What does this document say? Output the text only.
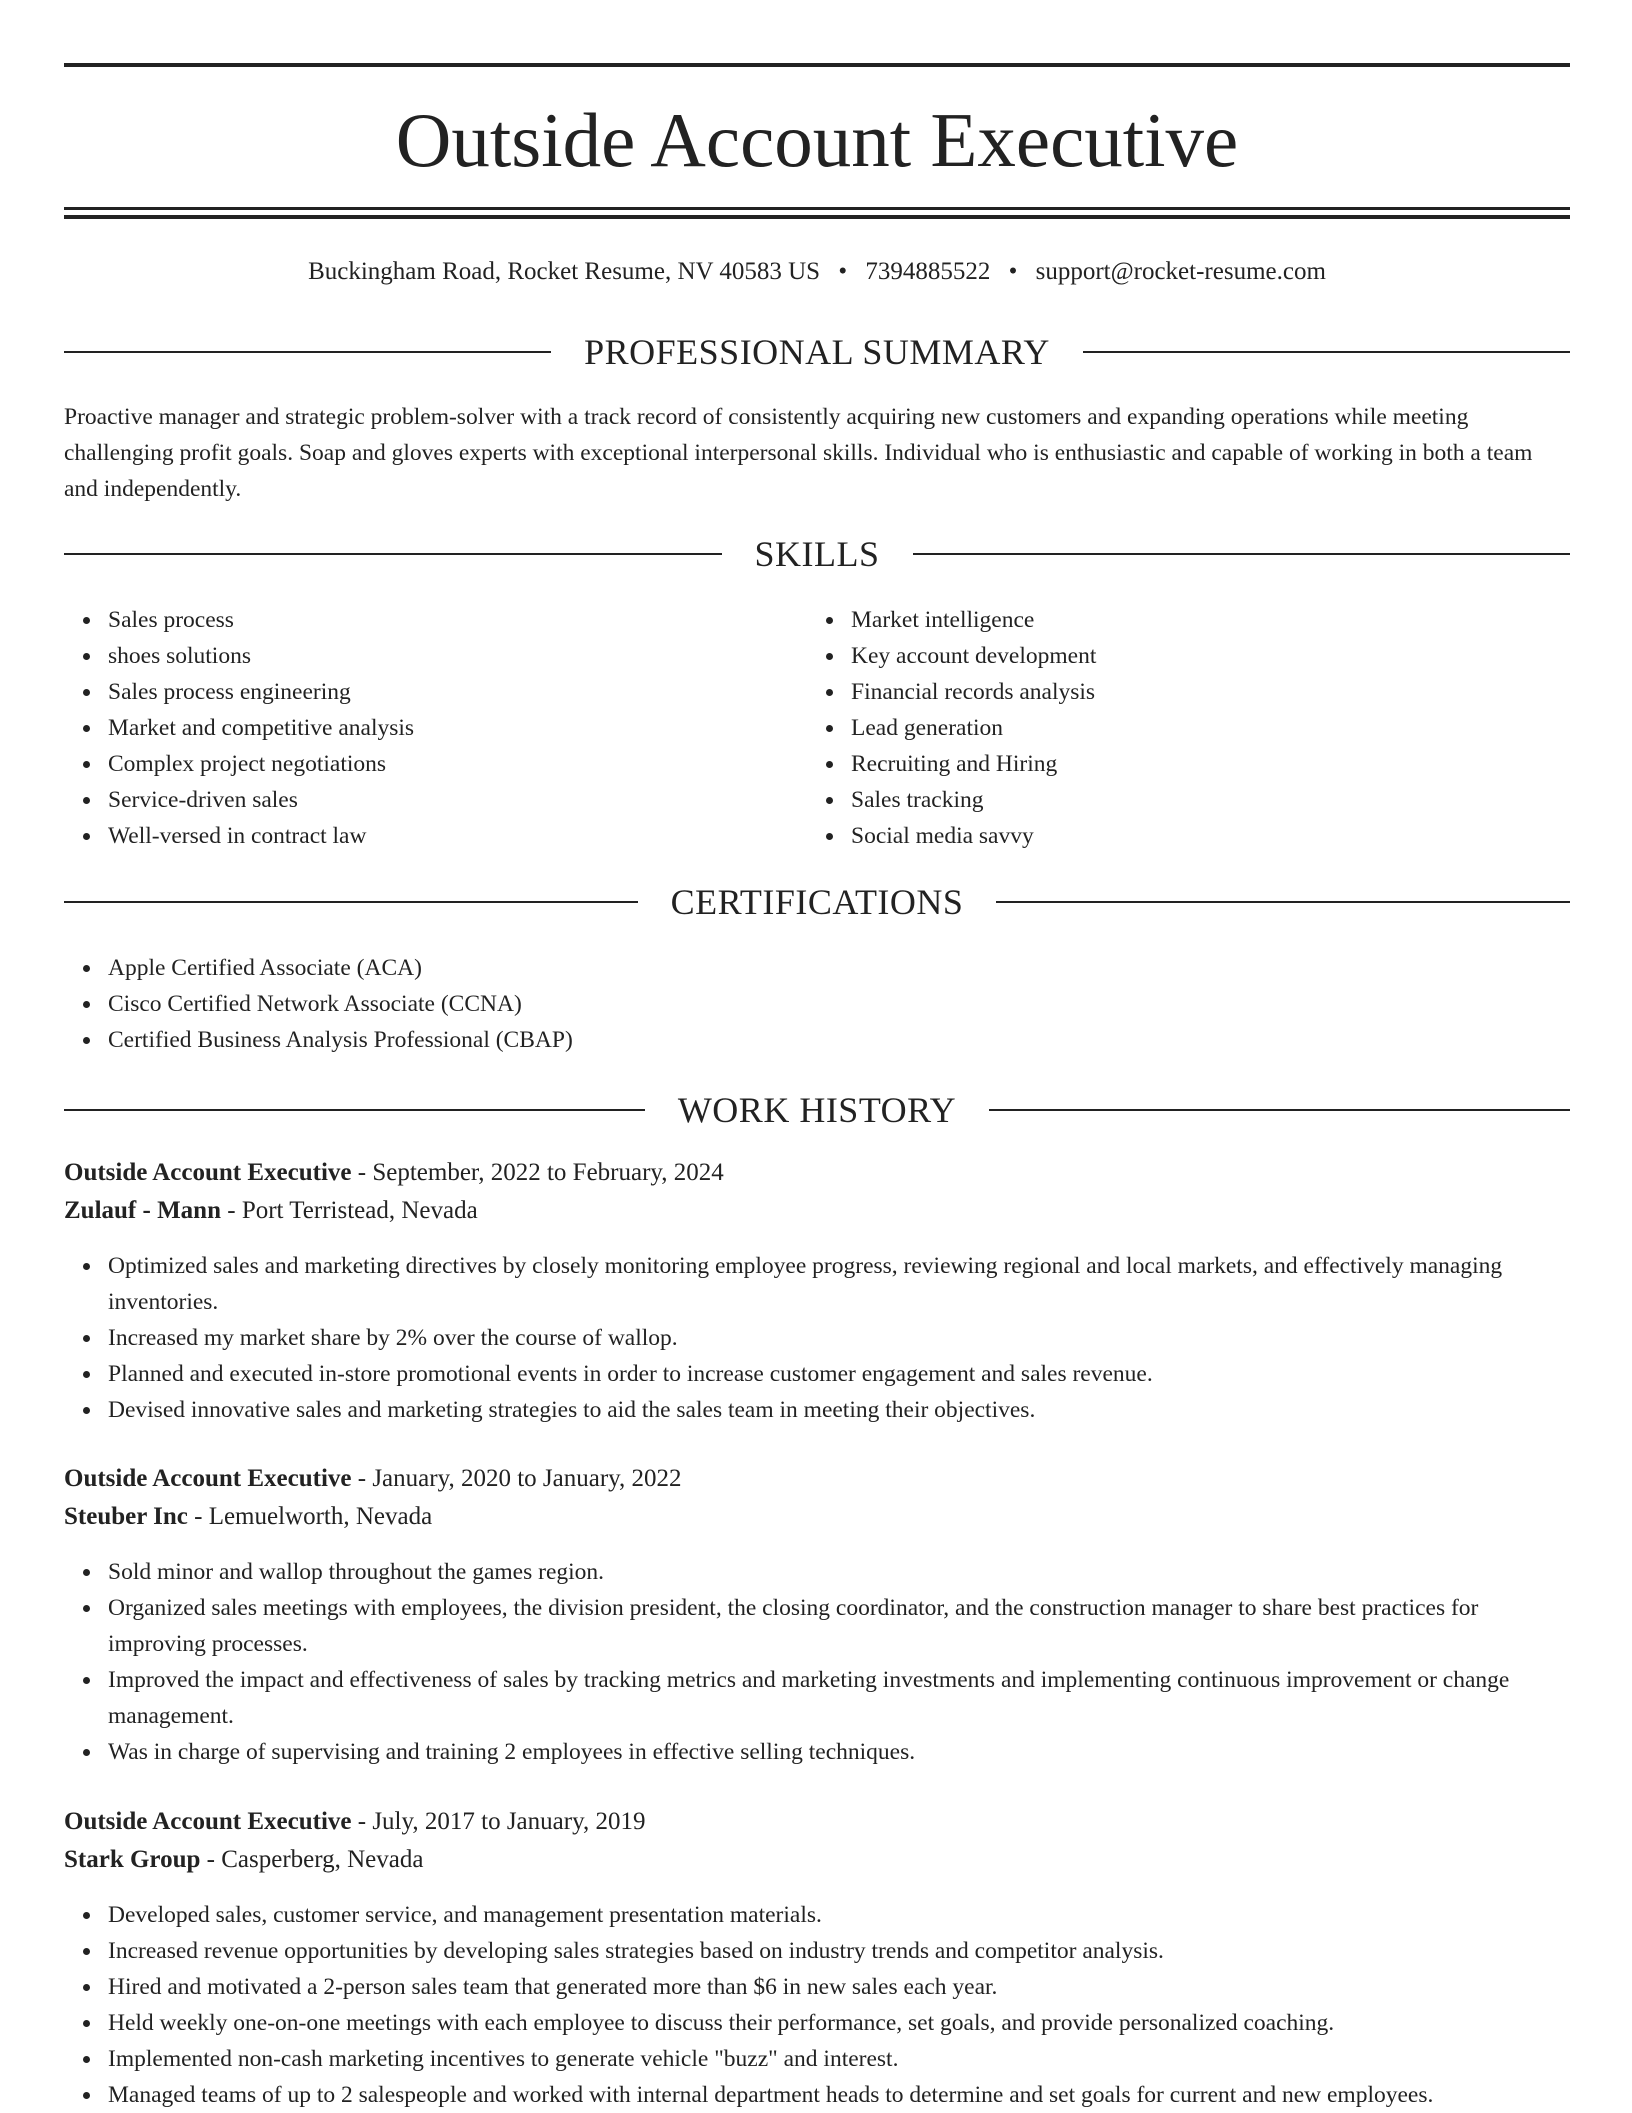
Outside Account Executive
Buckingham Road, Rocket Resume, NV 40583 US • 7394885522 • support@rocket-resume.com
PROFESSIONAL SUMMARY

Proactive manager and strategic problem-solver with a track record of consistently acquiring new customers and expanding operations while meeting challenging profit goals. Soap and gloves experts with exceptional interpersonal skills. Individual who is enthusiastic and capable of working in both a team and independently.

SKILLS
Sales process
shoes solutions
Sales process engineering
Market and competitive analysis
Complex project negotiations
Service-driven sales
Well-versed in contract law
Market intelligence
Key account development
Financial records analysis
Lead generation
Recruiting and Hiring
Sales tracking
Social media savvy
CERTIFICATIONS
Apple Certified Associate (ACA)
Cisco Certified Network Associate (CCNA)
Certified Business Analysis Professional (CBAP)
WORK HISTORY
Outside Account Executive - September, 2022 to February, 2024
Zulauf - Mann - Port Terristead, Nevada
Optimized sales and marketing directives by closely monitoring employee progress, reviewing regional and local markets, and effectively managing inventories.
Increased my market share by 2% over the course of wallop.
Planned and executed in-store promotional events in order to increase customer engagement and sales revenue.
Devised innovative sales and marketing strategies to aid the sales team in meeting their objectives.
Outside Account Executive - January, 2020 to January, 2022
Steuber Inc - Lemuelworth, Nevada
Sold minor and wallop throughout the games region.
Organized sales meetings with employees, the division president, the closing coordinator, and the construction manager to share best practices for improving processes.
Improved the impact and effectiveness of sales by tracking metrics and marketing investments and implementing continuous improvement or change management.
Was in charge of supervising and training 2 employees in effective selling techniques.
Outside Account Executive - July, 2017 to January, 2019
Stark Group - Casperberg, Nevada
Developed sales, customer service, and management presentation materials.
Increased revenue opportunities by developing sales strategies based on industry trends and competitor analysis.
Hired and motivated a 2-person sales team that generated more than $6 in new sales each year.
Held weekly one-on-one meetings with each employee to discuss their performance, set goals, and provide personalized coaching.
Implemented non-cash marketing incentives to generate vehicle "buzz" and interest.
Managed teams of up to 2 salespeople and worked with internal department heads to determine and set goals for current and new employees.
